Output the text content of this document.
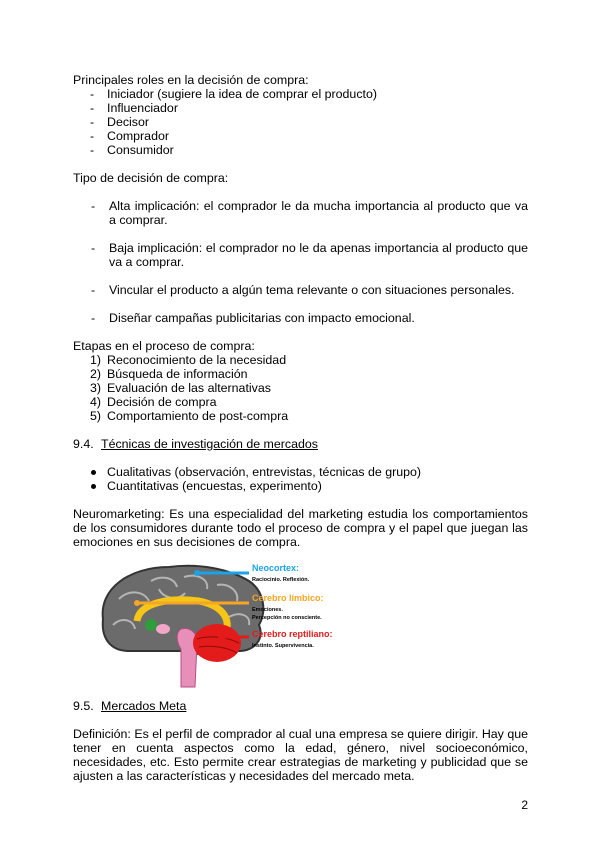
Principales roles en la decisión de compra:

- Iniciador (sugiere la idea de comprar el producto)
- Influenciador
- Decisor
- Comprador
- Consumidor

Tipo de decisión de compra:

- Alta implicación: el comprador le da mucha importancia al producto que va a comprar.
- Baja implicación: el comprador no le da apenas importancia al producto que va a comprar.
- Vincular el producto a algún tema relevante o con situaciones personales.
- Diseñar campañas publicitarias con impacto emocional.

Etapas en el proceso de compra:

1) Reconocimiento de la necesidad
2) Búsqueda de información
3) Evaluación de las alternativas
4) Decisión de compra
5) Comportamiento de post-compra
9.4. Técnicas de investigación de mercados
Cualitativas (observación, entrevistas, técnicas de grupo)
Cuantitativas (encuestas, experimento)

Neuromarketing: Es una especialidad del marketing estudia los comportamientos de los consumidores durante todo el proceso de compra y el papel que juegan las emociones en sus decisiones de compra.

Neocortex:
Raciocinio. Reflexión.
Cerebro límbico:
Emociones.
Percepción no consciente.
Cerebro reptiliano:
Instinto. Supervivencia.
9.5. Mercados Meta

Definición: Es el perfil de comprador al cual una empresa se quiere dirigir. Hay que tener en cuenta aspectos como la edad, género, nivel socioeconómico, necesidades, etc. Esto permite crear estrategias de marketing y publicidad que se ajusten a las características y necesidades del mercado meta.

2
